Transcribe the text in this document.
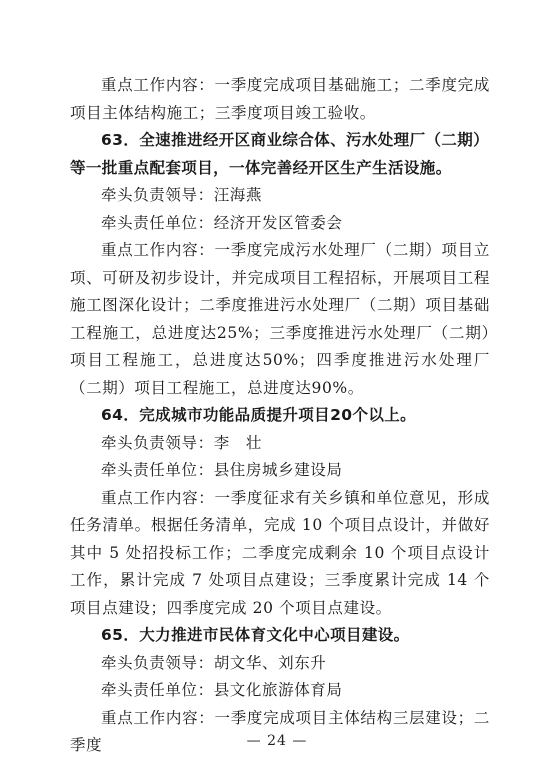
重点工作内容：一季度完成项目基础施工；二季度完成项目主体结构施工；三季度项目竣工验收。

63．全速推进经开区商业综合体、污水处理厂（二期）等一批重点配套项目，一体完善经开区生产生活设施。

牵头负责领导：汪海燕

牵头责任单位：经济开发区管委会

重点工作内容：一季度完成污水处理厂（二期）项目立项、可研及初步设计，并完成项目工程招标，开展项目工程施工图深化设计；二季度推进污水处理厂（二期）项目基础工程施工，总进度达25%；三季度推进污水处理厂（二期）项目工程施工，总进度达50%；四季度推进污水处理厂（二期）项目工程施工，总进度达90%。

64．完成城市功能品质提升项目20个以上。

牵头负责领导：李　壮

牵头责任单位：县住房城乡建设局

重点工作内容：一季度征求有关乡镇和单位意见，形成任务清单。根据任务清单，完成 10 个项目点设计，并做好其中 5 处招投标工作；二季度完成剩余 10 个项目点设计工作，累计完成 7 处项目点建设；三季度累计完成 14 个项目点建设；四季度完成 20 个项目点建设。

65．大力推进市民体育文化中心项目建设。

牵头负责领导：胡文华、刘东升

牵头责任单位：县文化旅游体育局

重点工作内容：一季度完成项目主体结构三层建设；二季度	— 24 —
